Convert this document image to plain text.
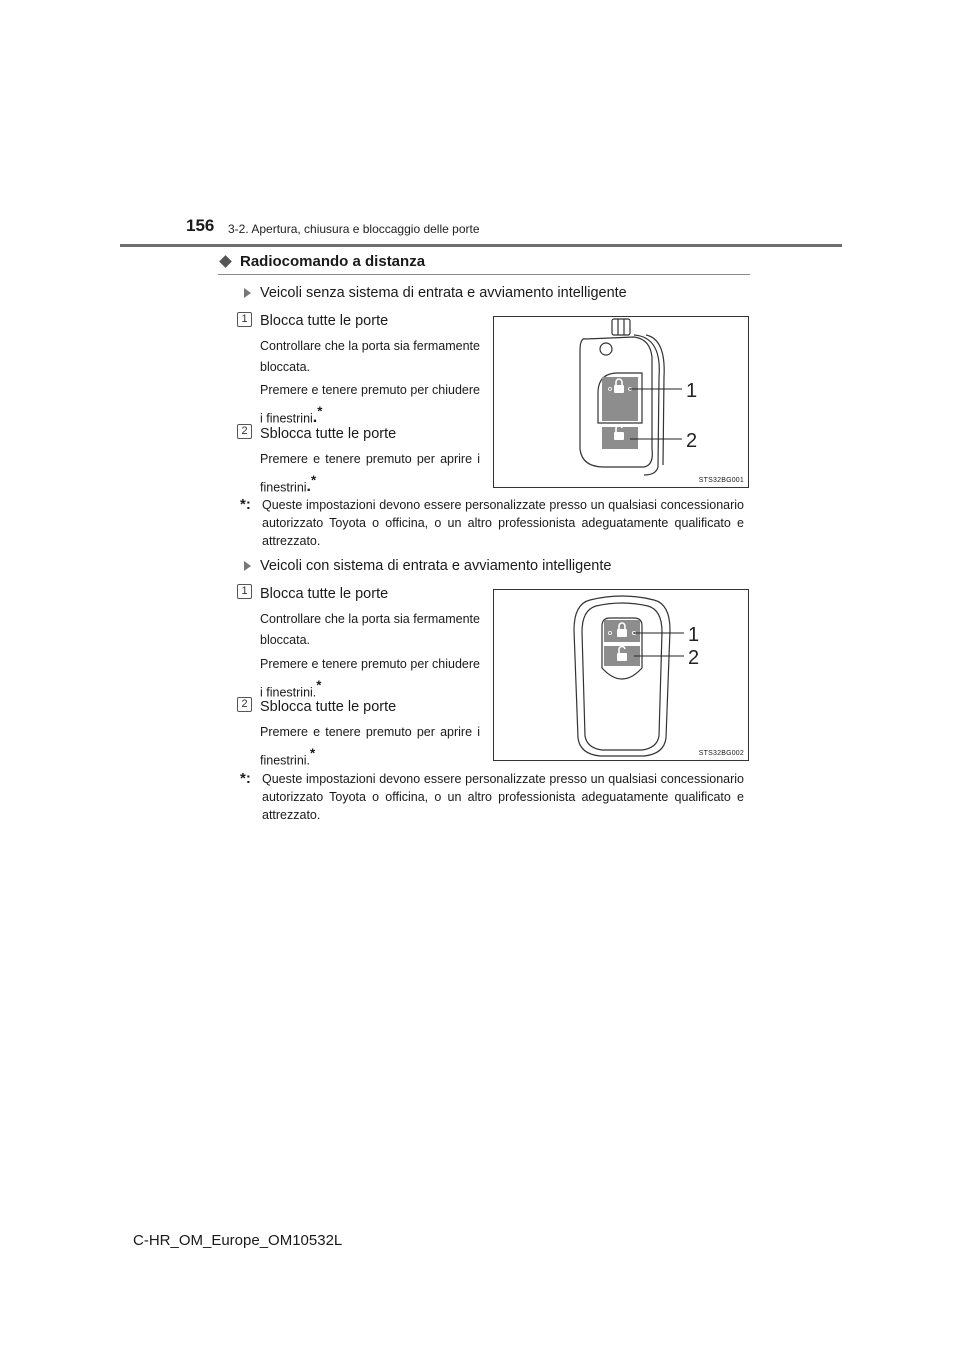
156 3-2. Apertura, chiusura e bloccaggio delle porte
Radiocomando a distanza
Veicoli senza sistema di entrata e avviamento intelligente
1 Blocca tutte le porte
Controllare che la porta sia fermamente bloccata.
Premere e tenere premuto per chiudere i finestrini.*
2 Sblocca tutte le porte
Premere e tenere premuto per aprire i finestrini.*
1
2
STS32BG001
*: Queste impostazioni devono essere personalizzate presso un qualsiasi concessionario autorizzato Toyota o officina, o un altro professionista adeguatamente qualificato e attrezzato.
Veicoli con sistema di entrata e avviamento intelligente
1 Blocca tutte le porte
Controllare che la porta sia fermamente bloccata.
Premere e tenere premuto per chiudere i finestrini.*
2 Sblocca tutte le porte
Premere e tenere premuto per aprire i finestrini.*
1
2
STS32BG002
*: Queste impostazioni devono essere personalizzate presso un qualsiasi concessionario autorizzato Toyota o officina, o un altro professionista adeguatamente qualificato e attrezzato.
C-HR_OM_Europe_OM10532L
